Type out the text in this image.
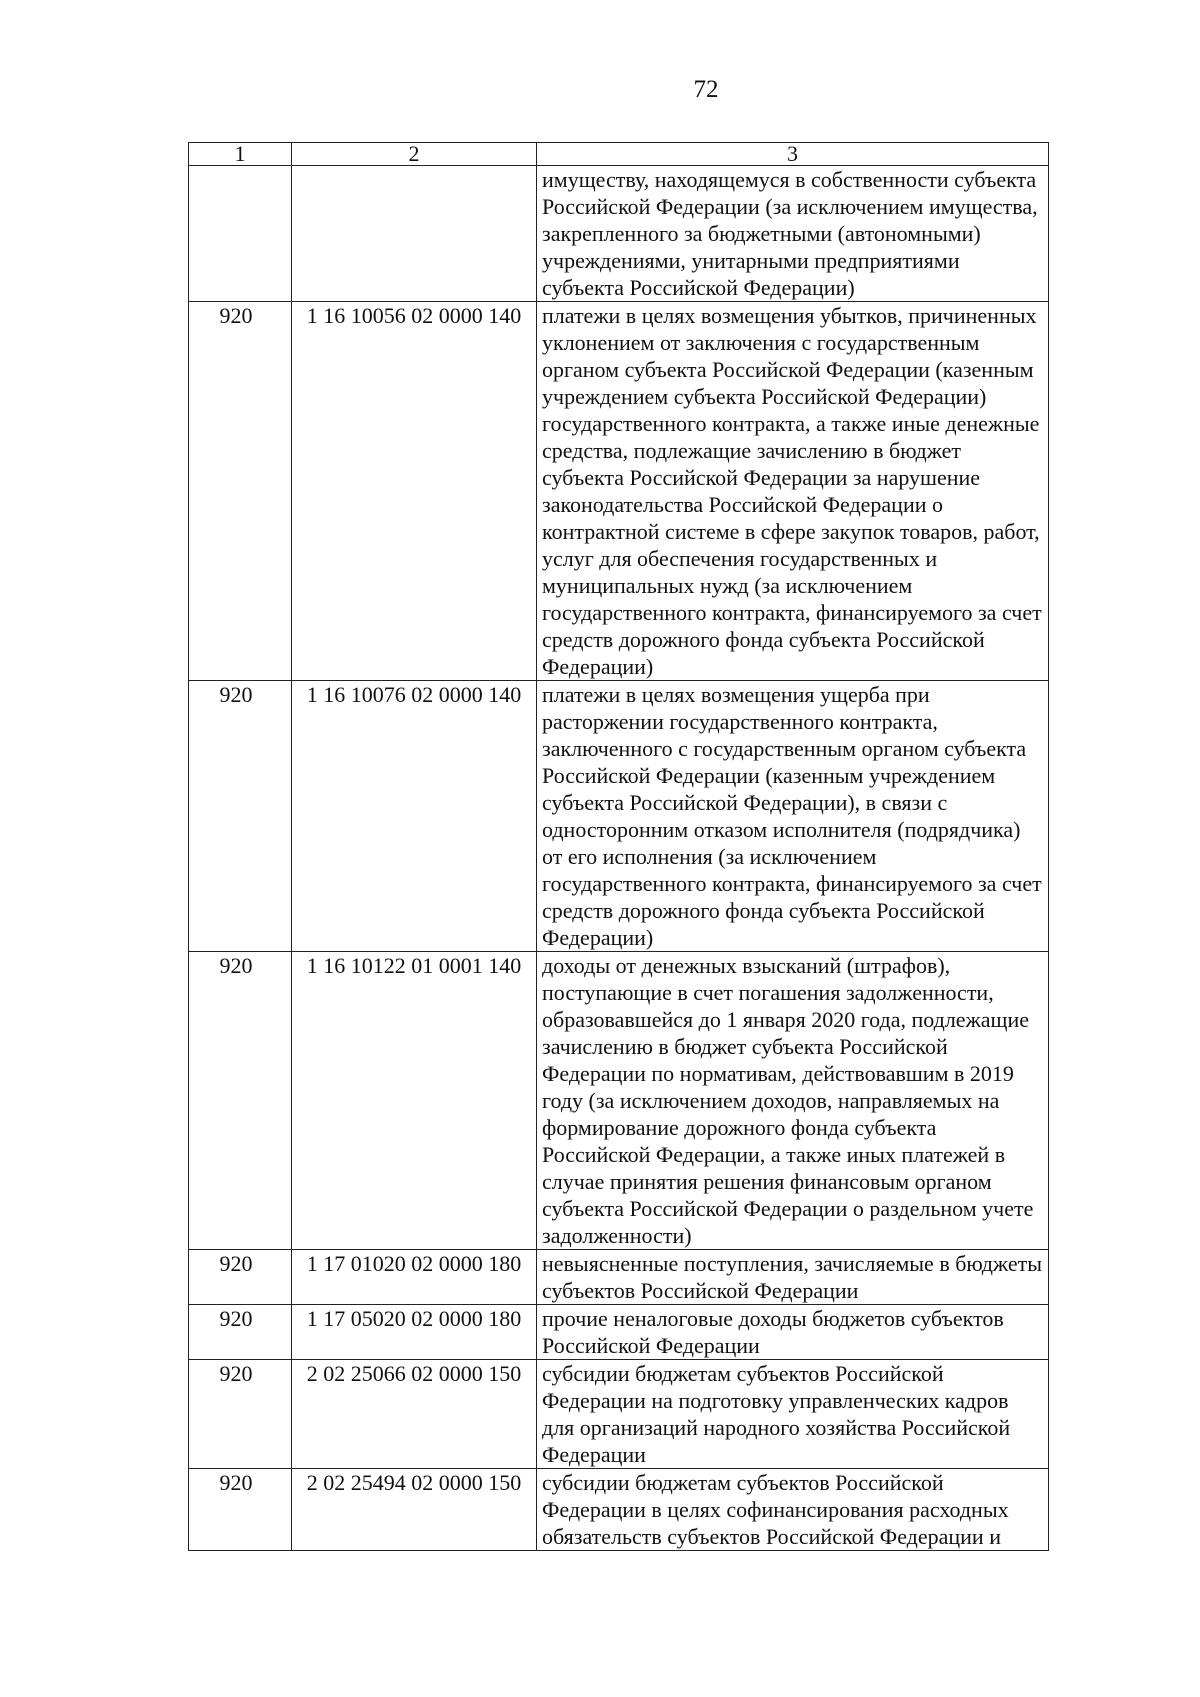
72
1	2	3
		имуществу, находящемуся в собственности субъекта Российской Федерации (за исключением имущества, закрепленного за бюджетными (автономными) учреждениями, унитарными предприятиями субъекта Российской Федерации)
920	1 16 10056 02 0000 140	платежи в целях возмещения убытков, причиненных уклонением от заключения с государственным органом субъекта Российской Федерации (казенным учреждением субъекта Российской Федерации) государственного контракта, а также иные денежные средства, подлежащие зачислению в бюджет субъекта Российской Федерации за нарушение законодательства Российской Федерации о контрактной системе в сфере закупок товаров, работ, услуг для обеспечения государственных и муниципальных нужд (за исключением государственного контракта, финансируемого за счет средств дорожного фонда субъекта Российской Федерации)
920	1 16 10076 02 0000 140	платежи в целях возмещения ущерба при расторжении государственного контракта, заключенного с государственным органом субъекта Российской Федерации (казенным учреждением субъекта Российской Федерации), в связи с односторонним отказом исполнителя (подрядчика) от его исполнения (за исключением государственного контракта, финансируемого за счет средств дорожного фонда субъекта Российской Федерации)
920	1 16 10122 01 0001 140	доходы от денежных взысканий (штрафов), поступающие в счет погашения задолженности, образовавшейся до 1 января 2020 года, подлежащие зачислению в бюджет субъекта Российской Федерации по нормативам, действовавшим в 2019 году (за исключением доходов, направляемых на формирование дорожного фонда субъекта Российской Федерации, а также иных платежей в случае принятия решения финансовым органом субъекта Российской Федерации о раздельном учете задолженности)
920	1 17 01020 02 0000 180	невыясненные поступления, зачисляемые в бюджеты субъектов Российской Федерации
920	1 17 05020 02 0000 180	прочие неналоговые доходы бюджетов субъектов Российской Федерации
920	2 02 25066 02 0000 150	субсидии бюджетам субъектов Российской Федерации на подготовку управленческих кадров для организаций народного хозяйства Российской Федерации
920	2 02 25494 02 0000 150	субсидии бюджетам субъектов Российской Федерации в целях софинансирования расходных обязательств субъектов Российской Федерации и
